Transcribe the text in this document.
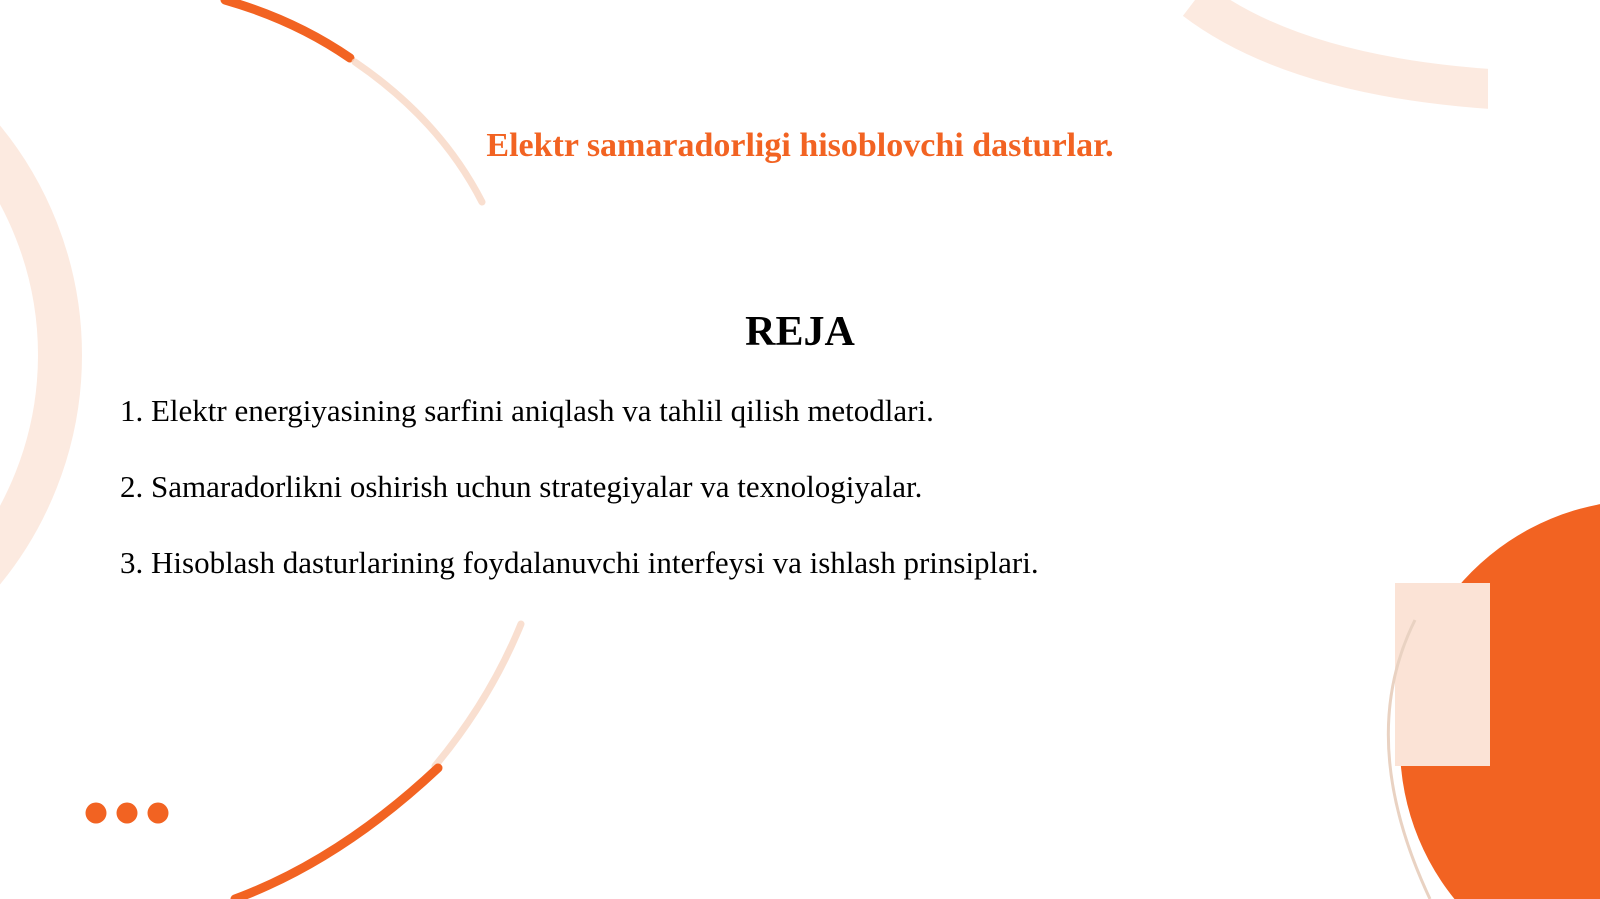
Elektr samaradorligi hisoblovchi dasturlar.
REJA
1. Elektr energiyasining sarfini aniqlash va tahlil qilish metodlari.
2. Samaradorlikni oshirish uchun strategiyalar va texnologiyalar.
3. Hisoblash dasturlarining foydalanuvchi interfeysi va ishlash prinsiplari.
